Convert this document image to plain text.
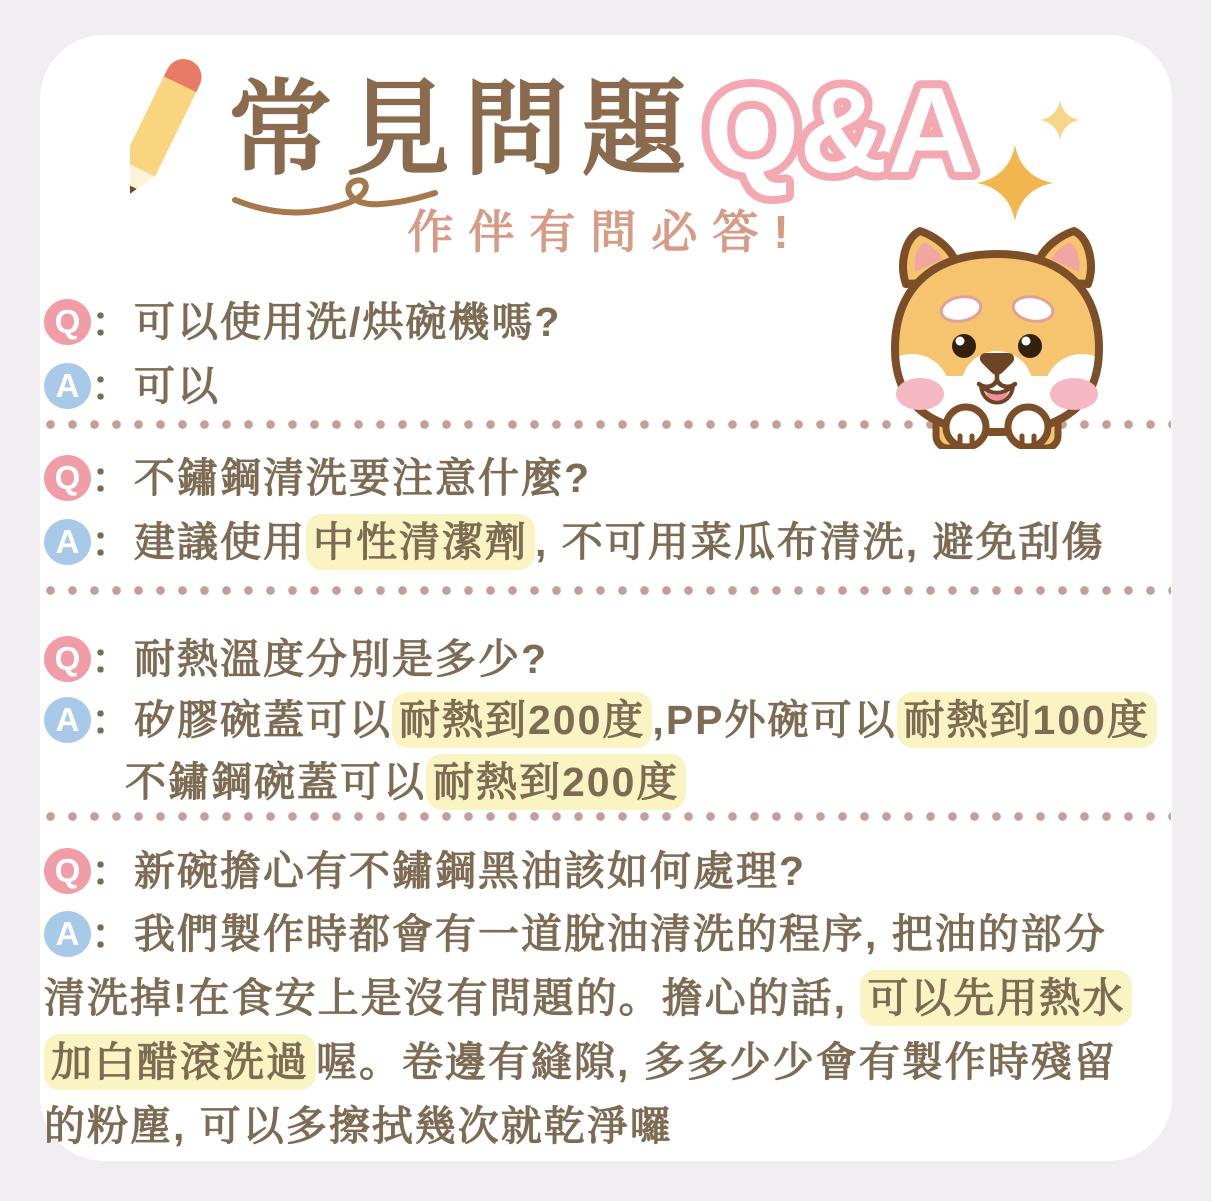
常見問題 Q&A
作伴有問必答!
Q ：可以使用洗/烘碗機嗎?
A ：可以
Q ：不鏽鋼清洗要注意什麼?
A ：建議使用 中性清潔劑 , 不可用菜瓜布清洗, 避免刮傷
Q ：耐熱溫度分別是多少?
A ：矽膠碗蓋可以 耐熱到200度 ,PP外碗可以 耐熱到100度
不鏽鋼碗蓋可以 耐熱到200度
Q ：新碗擔心有不鏽鋼黑油該如何處理?
A ：我們製作時都會有一道脫油清洗的程序, 把油的部分
清洗掉!在食安上是沒有問題的。擔心的話, 可以先用熱水
加白醋滾洗過 喔。卷邊有縫隙, 多多少少會有製作時殘留
的粉塵, 可以多擦拭幾次就乾淨囉
